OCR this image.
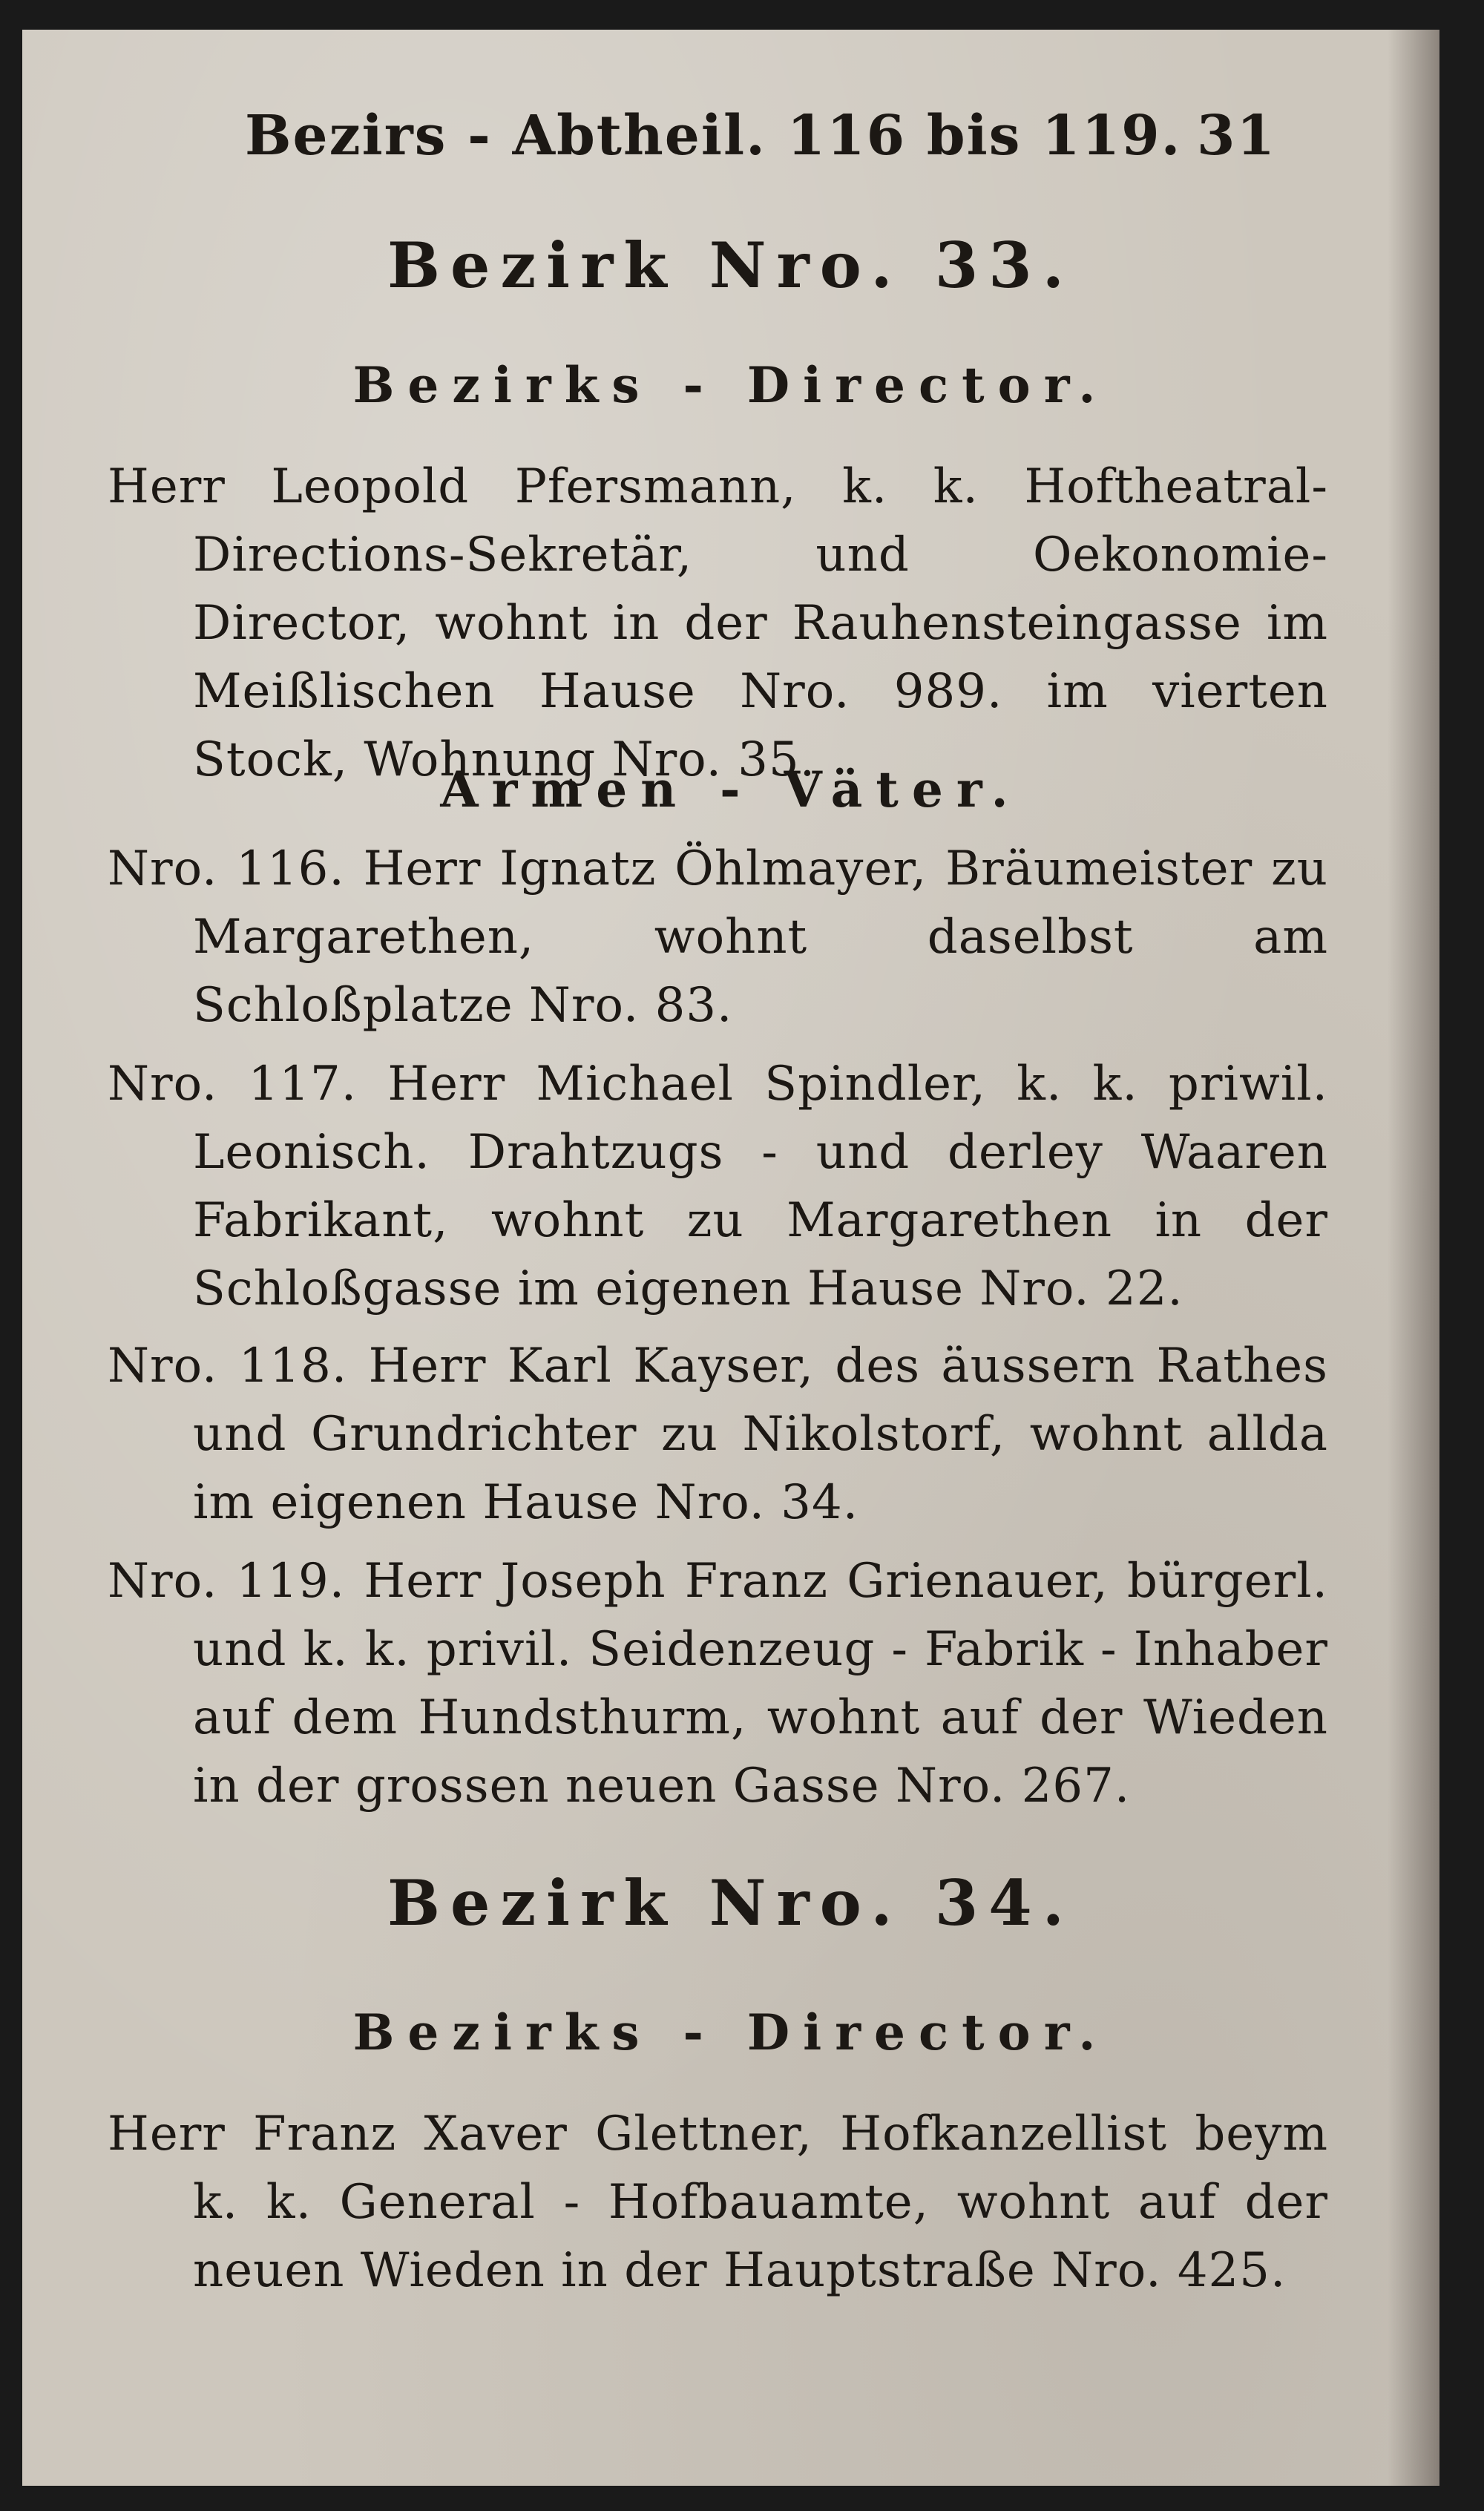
Bezirs - Abtheil. 116 bis 119. 31
Bezirk Nro. 33.
Bezirks - Director.
Herr Leopold Pfersmann, k. k. Hoftheatral-Directions-Sekretär, und Oekonomie-Director, wohnt in der Rauhensteingasse im Meißlischen Hause Nro. 989. im vierten Stock, Wohnung Nro. 35.
Armen - Väter.
Nro. 116. Herr Ignatz Öhlmayer, Bräumeister zu Margarethen, wohnt daselbst am Schloßplatze Nro. 83.
Nro. 117. Herr Michael Spindler, k. k. priwil. Leonisch. Drahtzugs - und derley Waaren Fabrikant, wohnt zu Margarethen in der Schloßgasse im eigenen Hause Nro. 22.
Nro. 118. Herr Karl Kayser, des äussern Rathes und Grundrichter zu Nikolstorf, wohnt allda im eigenen Hause Nro. 34.
Nro. 119. Herr Joseph Franz Grienauer, bürgerl. und k. k. privil. Seidenzeug - Fabrik - Inhaber auf dem Hundsthurm, wohnt auf der Wieden in der grossen neuen Gasse Nro. 267.
Bezirk Nro. 34.
Bezirks - Director.
Herr Franz Xaver Glettner, Hofkanzellist beym k. k. General - Hofbauamte, wohnt auf der neuen Wieden in der Hauptstraße Nro. 425.
